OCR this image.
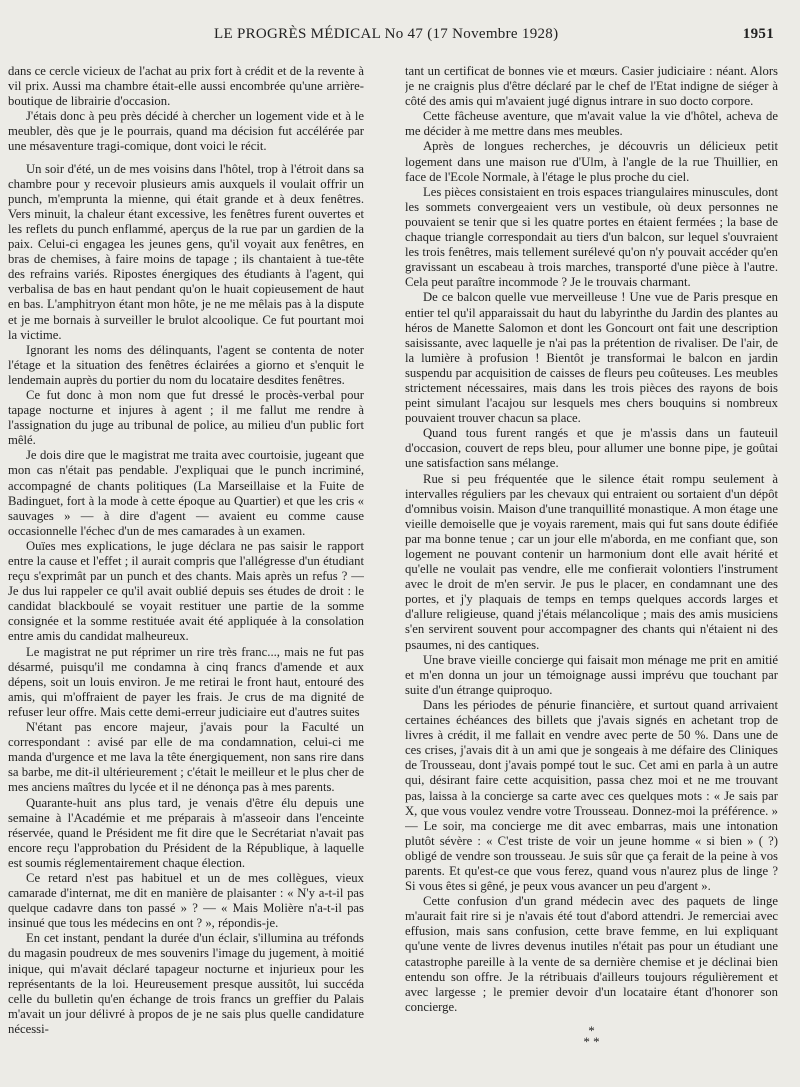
LE PROGRÈS MÉDICAL No 47 (17 Novembre 1928)	1951

dans ce cercle vicieux de l'achat au prix fort à crédit et de la revente à vil prix. Aussi ma chambre était-elle aussi encombrée qu'une arrière-boutique de librairie d'occasion.

J'étais donc à peu près décidé à chercher un logement vide et à le meubler, dès que je le pourrais, quand ma décision fut accélérée par une mésaventure tragi-comique, dont voici le récit.

Un soir d'été, un de mes voisins dans l'hôtel, trop à l'étroit dans sa chambre pour y recevoir plusieurs amis auxquels il voulait offrir un punch, m'emprunta la mienne, qui était grande et à deux fenêtres. Vers minuit, la chaleur étant excessive, les fenêtres furent ouvertes et les reflets du punch enflammé, aperçus de la rue par un gardien de la paix. Celui-ci engagea les jeunes gens, qu'il voyait aux fenêtres, en bras de chemises, à faire moins de tapage ; ils chantaient à tue-tête des refrains variés. Ripostes énergiques des étudiants à l'agent, qui verbalisa de bas en haut pendant qu'on le huait copieusement de haut en bas. L'amphitryon étant mon hôte, je ne me mêlais pas à la dispute et je me bornais à surveiller le brulot alcoolique. Ce fut pourtant moi la victime.

Ignorant les noms des délinquants, l'agent se contenta de noter l'étage et la situation des fenêtres éclairées a giorno et s'enquit le lendemain auprès du portier du nom du locataire desdites fenêtres.

Ce fut donc à mon nom que fut dressé le procès-verbal pour tapage nocturne et injures à agent ; il me fallut me rendre à l'assignation du juge au tribunal de police, au milieu d'un public fort mêlé.

Je dois dire que le magistrat me traita avec courtoisie, jugeant que mon cas n'était pas pendable. J'expliquai que le punch incriminé, accompagné de chants politiques (La Marseillaise et la Fuite de Badinguet, fort à la mode à cette époque au Quartier) et que les cris « sauvages » — à dire d'agent — avaient eu comme cause occasionnelle l'échec d'un de mes camarades à un examen.

Ouïes mes explications, le juge déclara ne pas saisir le rapport entre la cause et l'effet ; il aurait compris que l'allégresse d'un étudiant reçu s'exprimât par un punch et des chants. Mais après un refus ? — Je dus lui rappeler ce qu'il avait oublié depuis ses études de droit : le candidat blackboulé se voyait restituer une partie de la somme consignée et la somme restituée avait été appliquée à la consolation entre amis du candidat malheureux.

Le magistrat ne put réprimer un rire très franc..., mais ne fut pas désarmé, puisqu'il me condamna à cinq francs d'amende et aux dépens, soit un louis environ. Je me retirai le front haut, entouré des amis, qui m'offraient de payer les frais. Je crus de ma dignité de refuser leur offre. Mais cette demi-erreur judiciaire eut d'autres suites

N'étant pas encore majeur, j'avais pour la Faculté un correspondant : avisé par elle de ma condamnation, celui-ci me manda d'urgence et me lava la tête énergiquement, non sans rire dans sa barbe, me dit-il ultérieurement ; c'était le meilleur et le plus cher de mes anciens maîtres du lycée et il ne dénonça pas à mes parents.

Quarante-huit ans plus tard, je venais d'être élu depuis une semaine à l'Académie et me préparais à m'asseoir dans l'enceinte réservée, quand le Président me fit dire que le Secrétariat n'avait pas encore reçu l'approbation du Président de la République, à laquelle est soumis réglementairement chaque élection.

Ce retard n'est pas habituel et un de mes collègues, vieux camarade d'internat, me dit en manière de plaisanter : « N'y a-t-il pas quelque cadavre dans ton passé » ? — « Mais Molière n'a-t-il pas insinué que tous les médecins en ont ? », répondis-je.

En cet instant, pendant la durée d'un éclair, s'illumina au tréfonds du magasin poudreux de mes souvenirs l'image du jugement, à moitié inique, qui m'avait déclaré tapageur nocturne et injurieux pour les représentants de la loi. Heureusement presque aussitôt, lui succéda celle du bulletin qu'en échange de trois francs un greffier du Palais m'avait un jour délivré à propos de je ne sais plus quelle candidature nécessi-

tant un certificat de bonnes vie et mœurs. Casier judiciaire : néant. Alors je ne craignis plus d'être déclaré par le chef de l'Etat indigne de siéger à côté des amis qui m'avaient jugé dignus intrare in suo docto corpore.

Cette fâcheuse aventure, que m'avait value la vie d'hôtel, acheva de me décider à me mettre dans mes meubles.

Après de longues recherches, je découvris un délicieux petit logement dans une maison rue d'Ulm, à l'angle de la rue Thuillier, en face de l'Ecole Normale, à l'étage le plus proche du ciel.

Les pièces consistaient en trois espaces triangulaires minuscules, dont les sommets convergeaient vers un vestibule, où deux personnes ne pouvaient se tenir que si les quatre portes en étaient fermées ; la base de chaque triangle correspondait au tiers d'un balcon, sur lequel s'ouvraient les trois fenêtres, mais tellement surélevé qu'on n'y pouvait accéder qu'en gravissant un escabeau à trois marches, transporté d'une pièce à l'autre. Cela peut paraître incommode ? Je le trouvais charmant.

De ce balcon quelle vue merveilleuse ! Une vue de Paris presque en entier tel qu'il apparaissait du haut du labyrinthe du Jardin des plantes au héros de Manette Salomon et dont les Goncourt ont fait une description saisissante, avec laquelle je n'ai pas la prétention de rivaliser. De l'air, de la lumière à profusion ! Bientôt je transformai le balcon en jardin suspendu par acquisition de caisses de fleurs peu coûteuses. Les meubles strictement nécessaires, mais dans les trois pièces des rayons de bois peint simulant l'acajou sur lesquels mes chers bouquins si nombreux pouvaient trouver chacun sa place.

Quand tous furent rangés et que je m'assis dans un fauteuil d'occasion, couvert de reps bleu, pour allumer une bonne pipe, je goûtai une satisfaction sans mélange.

Rue si peu fréquentée que le silence était rompu seulement à intervalles réguliers par les chevaux qui entraient ou sortaient d'un dépôt d'omnibus voisin. Maison d'une tranquillité monastique. A mon étage une vieille demoiselle que je voyais rarement, mais qui fut sans doute édifiée par ma bonne tenue ; car un jour elle m'aborda, en me confiant que, son logement ne pouvant contenir un harmonium dont elle avait hérité et qu'elle ne voulait pas vendre, elle me confierait volontiers l'instrument avec le droit de m'en servir. Je pus le placer, en condamnant une des portes, et j'y plaquais de temps en temps quelques accords larges et d'allure religieuse, quand j'étais mélancolique ; mais des amis musiciens s'en servirent souvent pour accompagner des chants qui n'étaient ni des psaumes, ni des cantiques.

Une brave vieille concierge qui faisait mon ménage me prit en amitié et m'en donna un jour un témoignage aussi imprévu que touchant par suite d'un étrange quiproquo.

Dans les périodes de pénurie financière, et surtout quand arrivaient certaines échéances des billets que j'avais signés en achetant trop de livres à crédit, il me fallait en vendre avec perte de 50 %. Dans une de ces crises, j'avais dit à un ami que je songeais à me défaire des Cliniques de Trousseau, dont j'avais pompé tout le suc. Cet ami en parla à un autre qui, désirant faire cette acquisition, passa chez moi et ne me trouvant pas, laissa à la concierge sa carte avec ces quelques mots : « Je sais par X, que vous voulez vendre votre Trousseau. Donnez-moi la préférence. » — Le soir, ma concierge me dit avec embarras, mais une intonation plutôt sévère : « C'est triste de voir un jeune homme « si bien » ( ?) obligé de vendre son trousseau. Je suis sûr que ça ferait de la peine à vos parents. Et qu'est-ce que vous ferez, quand vous n'aurez plus de linge ? Si vous êtes si gêné, je peux vous avancer un peu d'argent ».

Cette confusion d'un grand médecin avec des paquets de linge m'aurait fait rire si je n'avais été tout d'abord attendri. Je remerciai avec effusion, mais sans confusion, cette brave femme, en lui expliquant qu'une vente de livres devenus inutiles n'était pas pour un étudiant une catastrophe pareille à la vente de sa dernière chemise et je déclinai bien entendu son offre. Je la rétribuais d'ailleurs toujours régulièrement et avec largesse ; le premier devoir d'un locataire étant d'honorer son concierge.

*
* *
